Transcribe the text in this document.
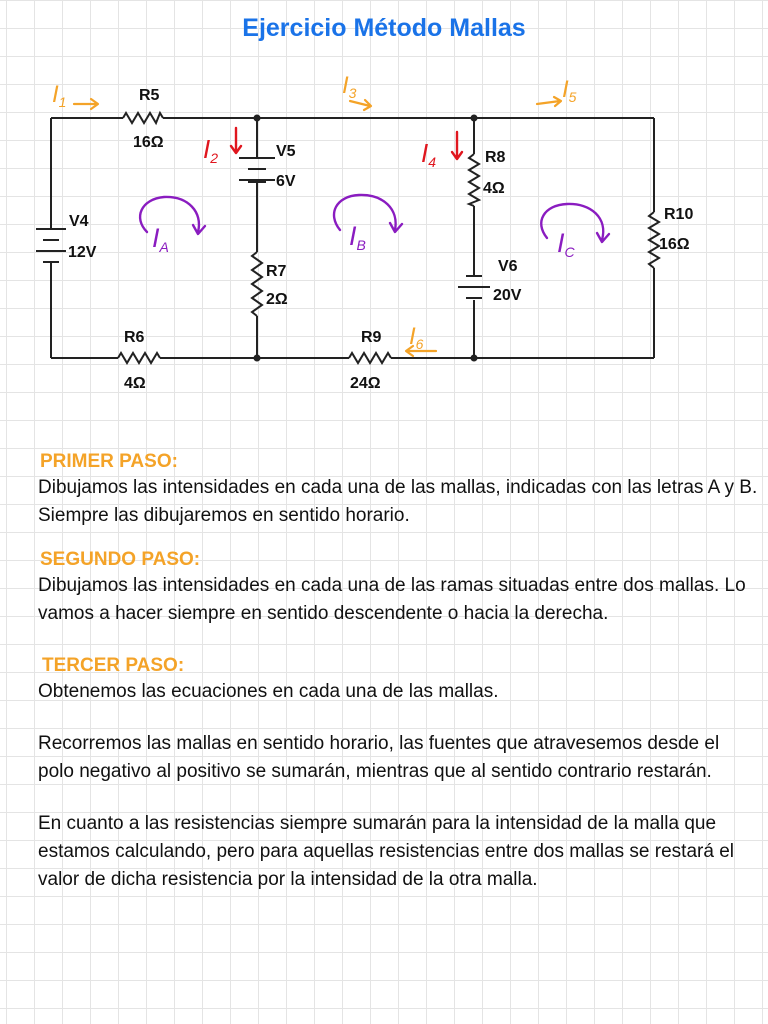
Ejercicio Método Mallas
R5
16Ω
R6
4Ω
R9
24Ω
R7
2Ω
R8
4Ω
R10
16Ω
V4
12V
V5
6V
V6
20V
$I_1$
$I_3$	$I_5$
$I_6$
I2	I4
IA	IB	IC
PRIMER PASO:
Dibujamos las intensidades en cada una de las mallas, indicadas con las letras A y B. Siempre las dibujaremos en sentido horario.
SEGUNDO PASO:
Dibujamos las intensidades en cada una de las ramas situadas entre dos mallas. Lo vamos a hacer siempre en sentido descendente o hacia la derecha.
TERCER PASO:
Obtenemos las ecuaciones en cada una de las mallas.
Recorremos las mallas en sentido horario, las fuentes que atravesemos desde el polo negativo al positivo se sumarán, mientras que al sentido contrario restarán.
En cuanto a las resistencias siempre sumarán para la intensidad de la malla que estamos calculando, pero para aquellas resistencias entre dos mallas se restará el valor de dicha resistencia por la intensidad de la otra malla.
